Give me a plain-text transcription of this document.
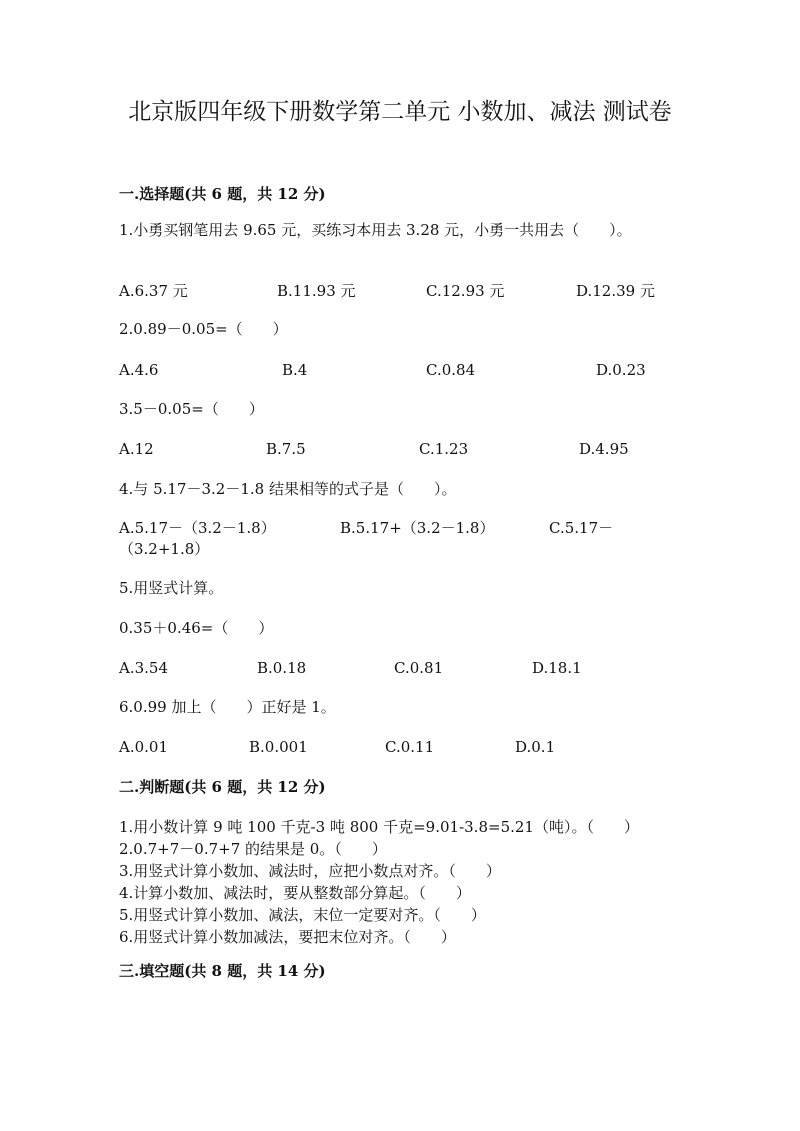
北京版四年级下册数学第二单元 小数加、减法 测试卷
一.选择题(共 6 题，共 12 分)
1.小勇买钢笔用去 9.65 元，买练习本用去 3.28 元，小勇一共用去（　　）。
A.6.37 元	B.11.93 元	C.12.93 元	D.12.39 元
2.0.89－0.05=（　　）
A.4.6	B.4	C.0.84	D.0.23
3.5－0.05=（　　）
A.12	B.7.5	C.1.23	D.4.95
4.与 5.17－3.2－1.8 结果相等的式子是（　　）。
A.5.17－（3.2－1.8）	B.5.17+（3.2－1.8）	C.5.17－
（3.2+1.8）
5.用竖式计算。
0.35＋0.46=（　　）
A.3.54	B.0.18	C.0.81	D.18.1
6.0.99 加上（　　）正好是 1。
A.0.01	B.0.001	C.0.11	D.0.1
二.判断题(共 6 题，共 12 分)
1.用小数计算 9 吨 100 千克-3 吨 800 千克=9.01-3.8=5.21（吨）。（　　）
2.0.7+7－0.7+7 的结果是 0。（　　）
3.用竖式计算小数加、减法时，应把小数点对齐。（　　）
4.计算小数加、减法时，要从整数部分算起。（　　）
5.用竖式计算小数加、减法，末位一定要对齐。（　　）
6.用竖式计算小数加减法，要把末位对齐。（　　）
三.填空题(共 8 题，共 14 分)
